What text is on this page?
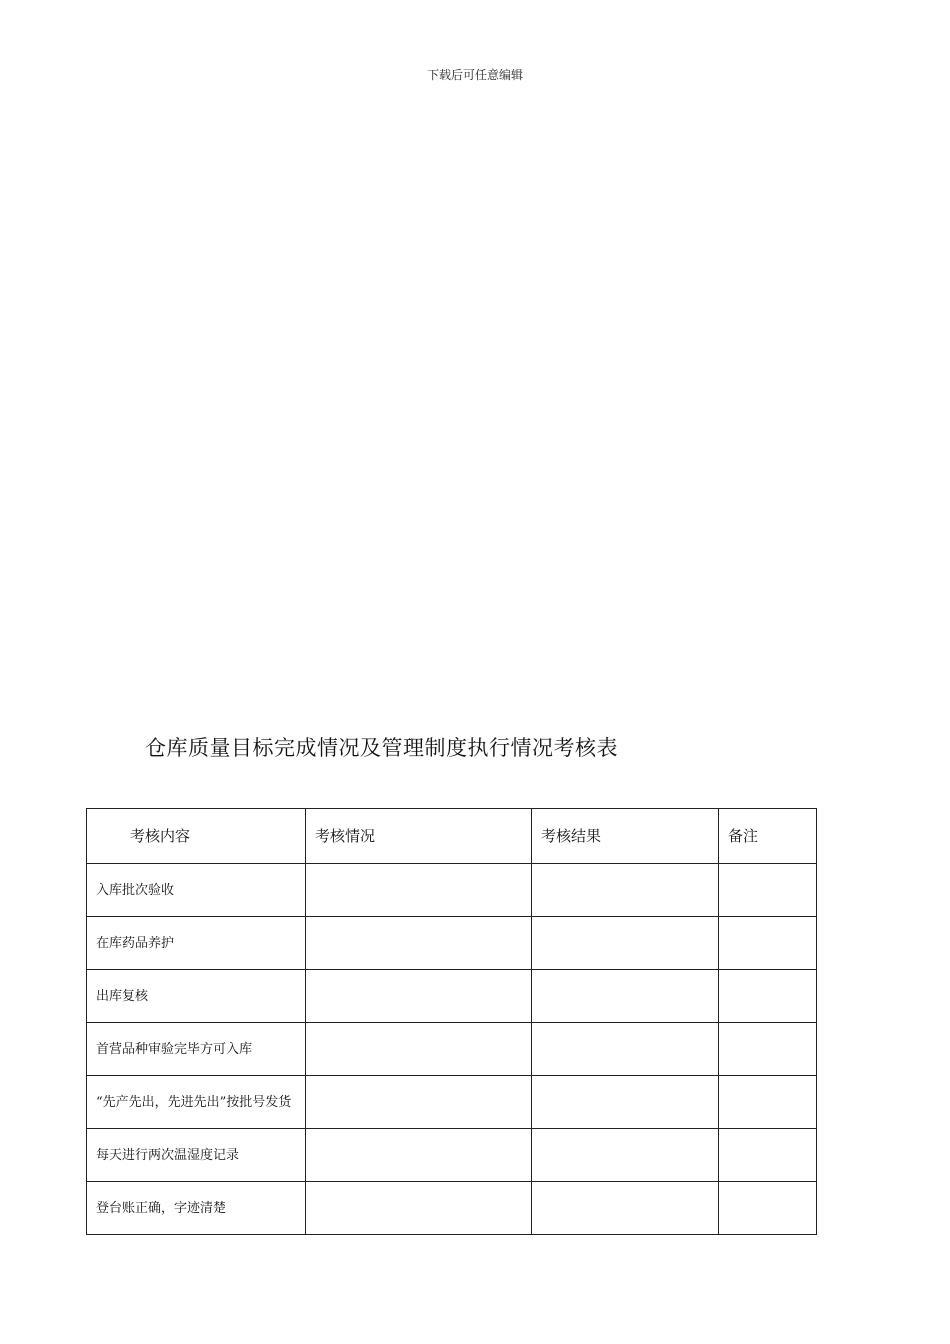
下载后可任意编辑
仓库质量目标完成情况及管理制度执行情况考核表
考核内容	考核情况	考核结果	备注
入库批次验收			
在库药品养护			
出库复核			
首营品种审验完毕方可入库			
“先产先出，先进先出”按批号发货			
每天进行两次温湿度记录			
登台账正确，字迹清楚			
